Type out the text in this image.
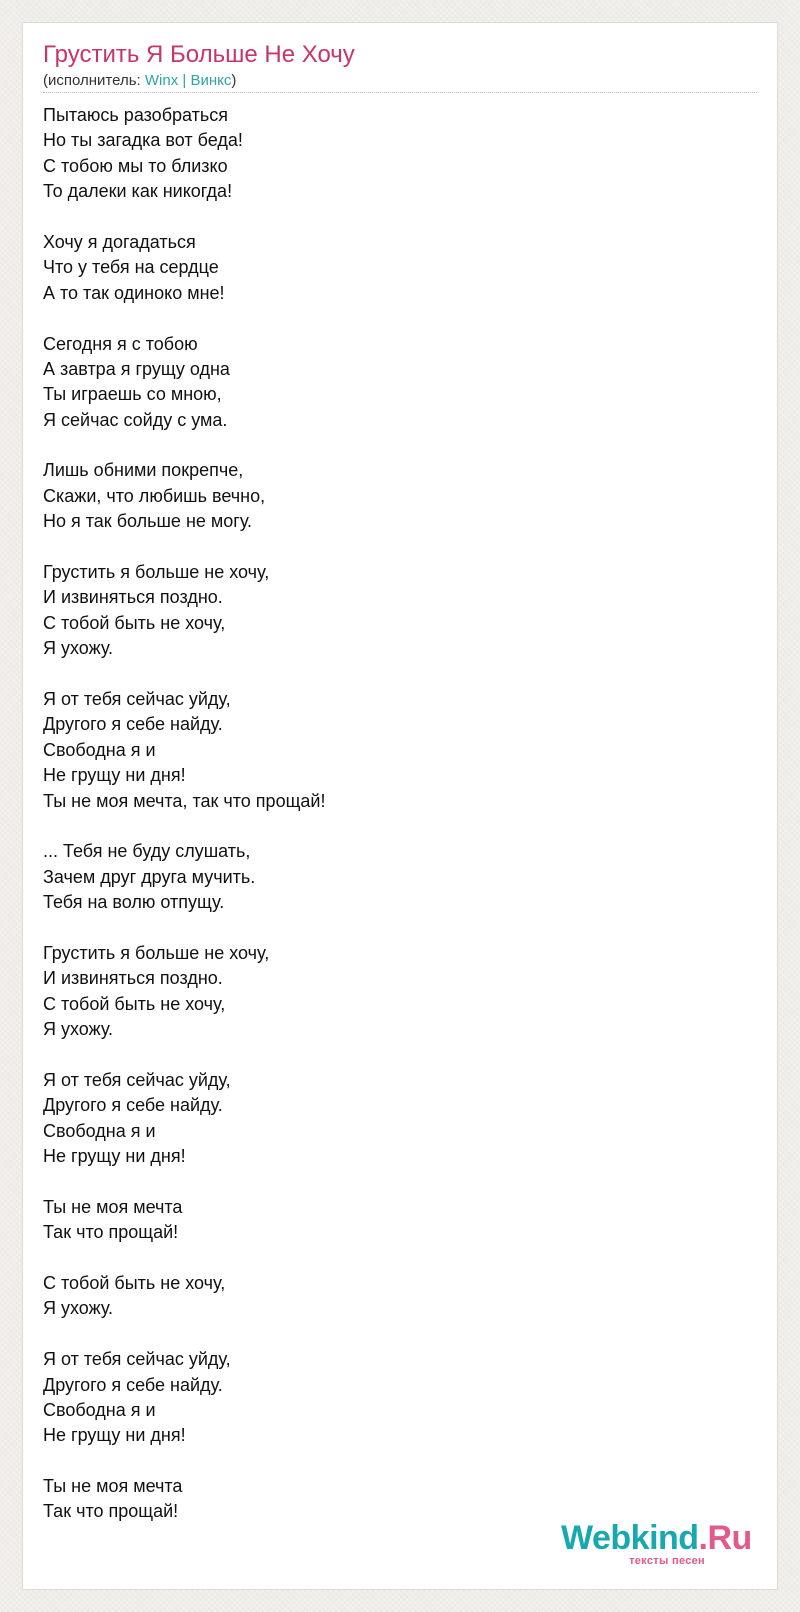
Грустить Я Больше Не Хочу
(исполнитель: Winx | Винкс)
Пытаюсь разобраться
Но ты загадка вот беда!
С тобою мы то близко
То далеки как никогда!
Хочу я догадаться
Что у тебя на сердце
А то так одиноко мне!
Сегодня я с тобою
А завтра я грущу одна
Ты играешь со мною,
Я сейчас сойду с ума.
Лишь обними покрепче,
Скажи, что любишь вечно,
Но я так больше не могу.
Грустить я больше не хочу,
И извиняться поздно.
С тобой быть не хочу,
Я ухожу.
Я от тебя сейчас уйду,
Другого я себе найду.
Свободна я и
Не грущу ни дня!
Ты не моя мечта, так что прощай!
... Тебя не буду слушать,
Зачем друг друга мучить.
Тебя на волю отпущу.
Грустить я больше не хочу,
И извиняться поздно.
С тобой быть не хочу,
Я ухожу.
Я от тебя сейчас уйду,
Другого я себе найду.
Свободна я и
Не грущу ни дня!
Ты не моя мечта
Так что прощай!
С тобой быть не хочу,
Я ухожу.
Я от тебя сейчас уйду,
Другого я себе найду.
Свободна я и
Не грущу ни дня!
Ты не моя мечта
Так что прощай!
Webkind.Ru
тексты песен
